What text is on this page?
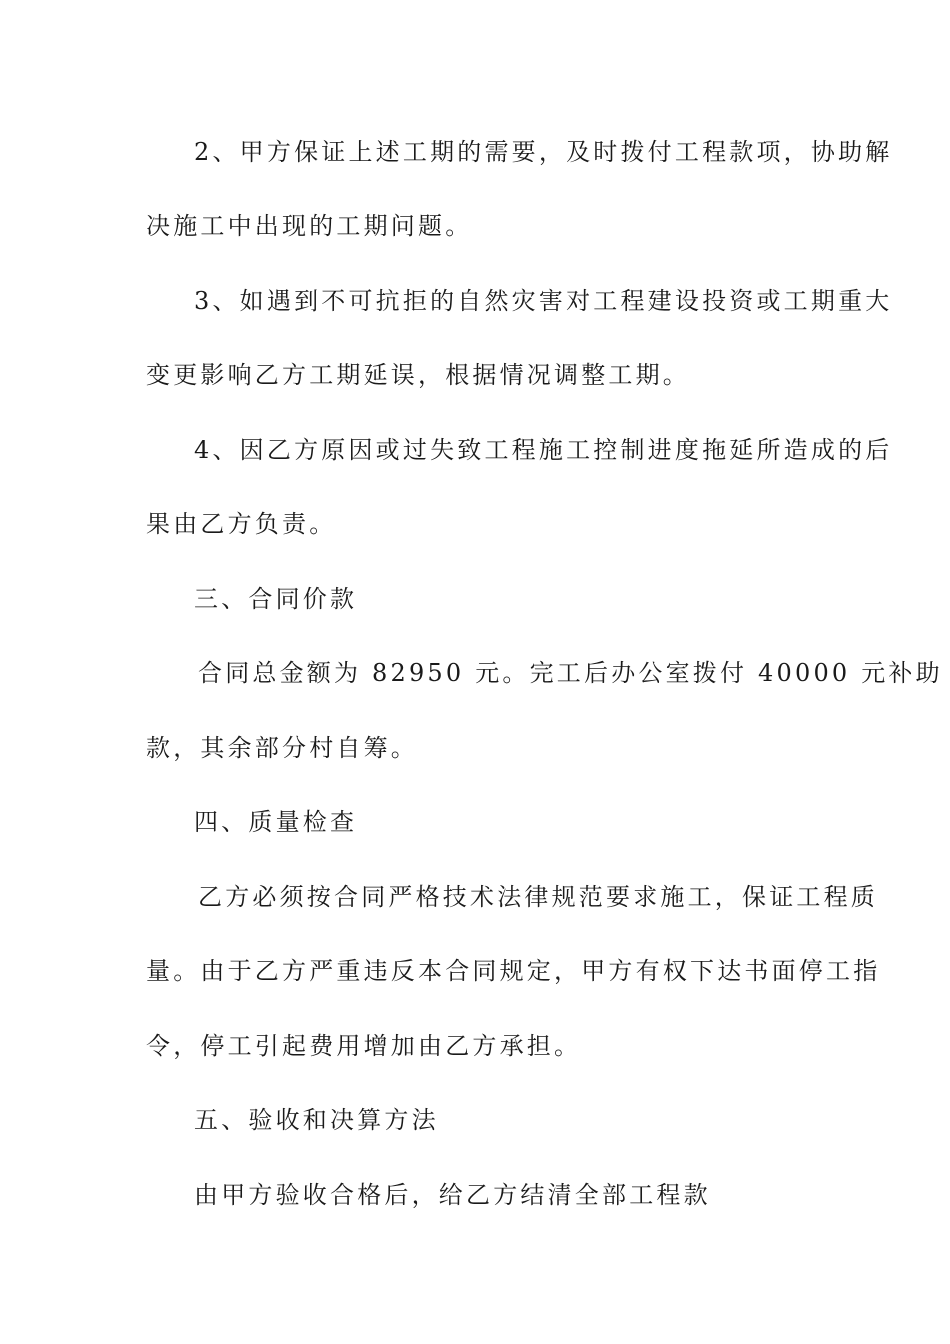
2、甲方保证上述工期的需要，及时拨付工程款项，协助解
决施工中出现的工期问题。
3、如遇到不可抗拒的自然灾害对工程建设投资或工期重大
变更影响乙方工期延误，根据情况调整工期。
4、因乙方原因或过失致工程施工控制进度拖延所造成的后
果由乙方负责。
三、合同价款
合同总金额为 82950 元。完工后办公室拨付 40000 元补助
款，其余部分村自筹。
四、质量检查
乙方必须按合同严格技术法律规范要求施工，保证工程质
量。由于乙方严重违反本合同规定，甲方有权下达书面停工指
令，停工引起费用增加由乙方承担。
五、验收和决算方法
由甲方验收合格后，给乙方结清全部工程款
